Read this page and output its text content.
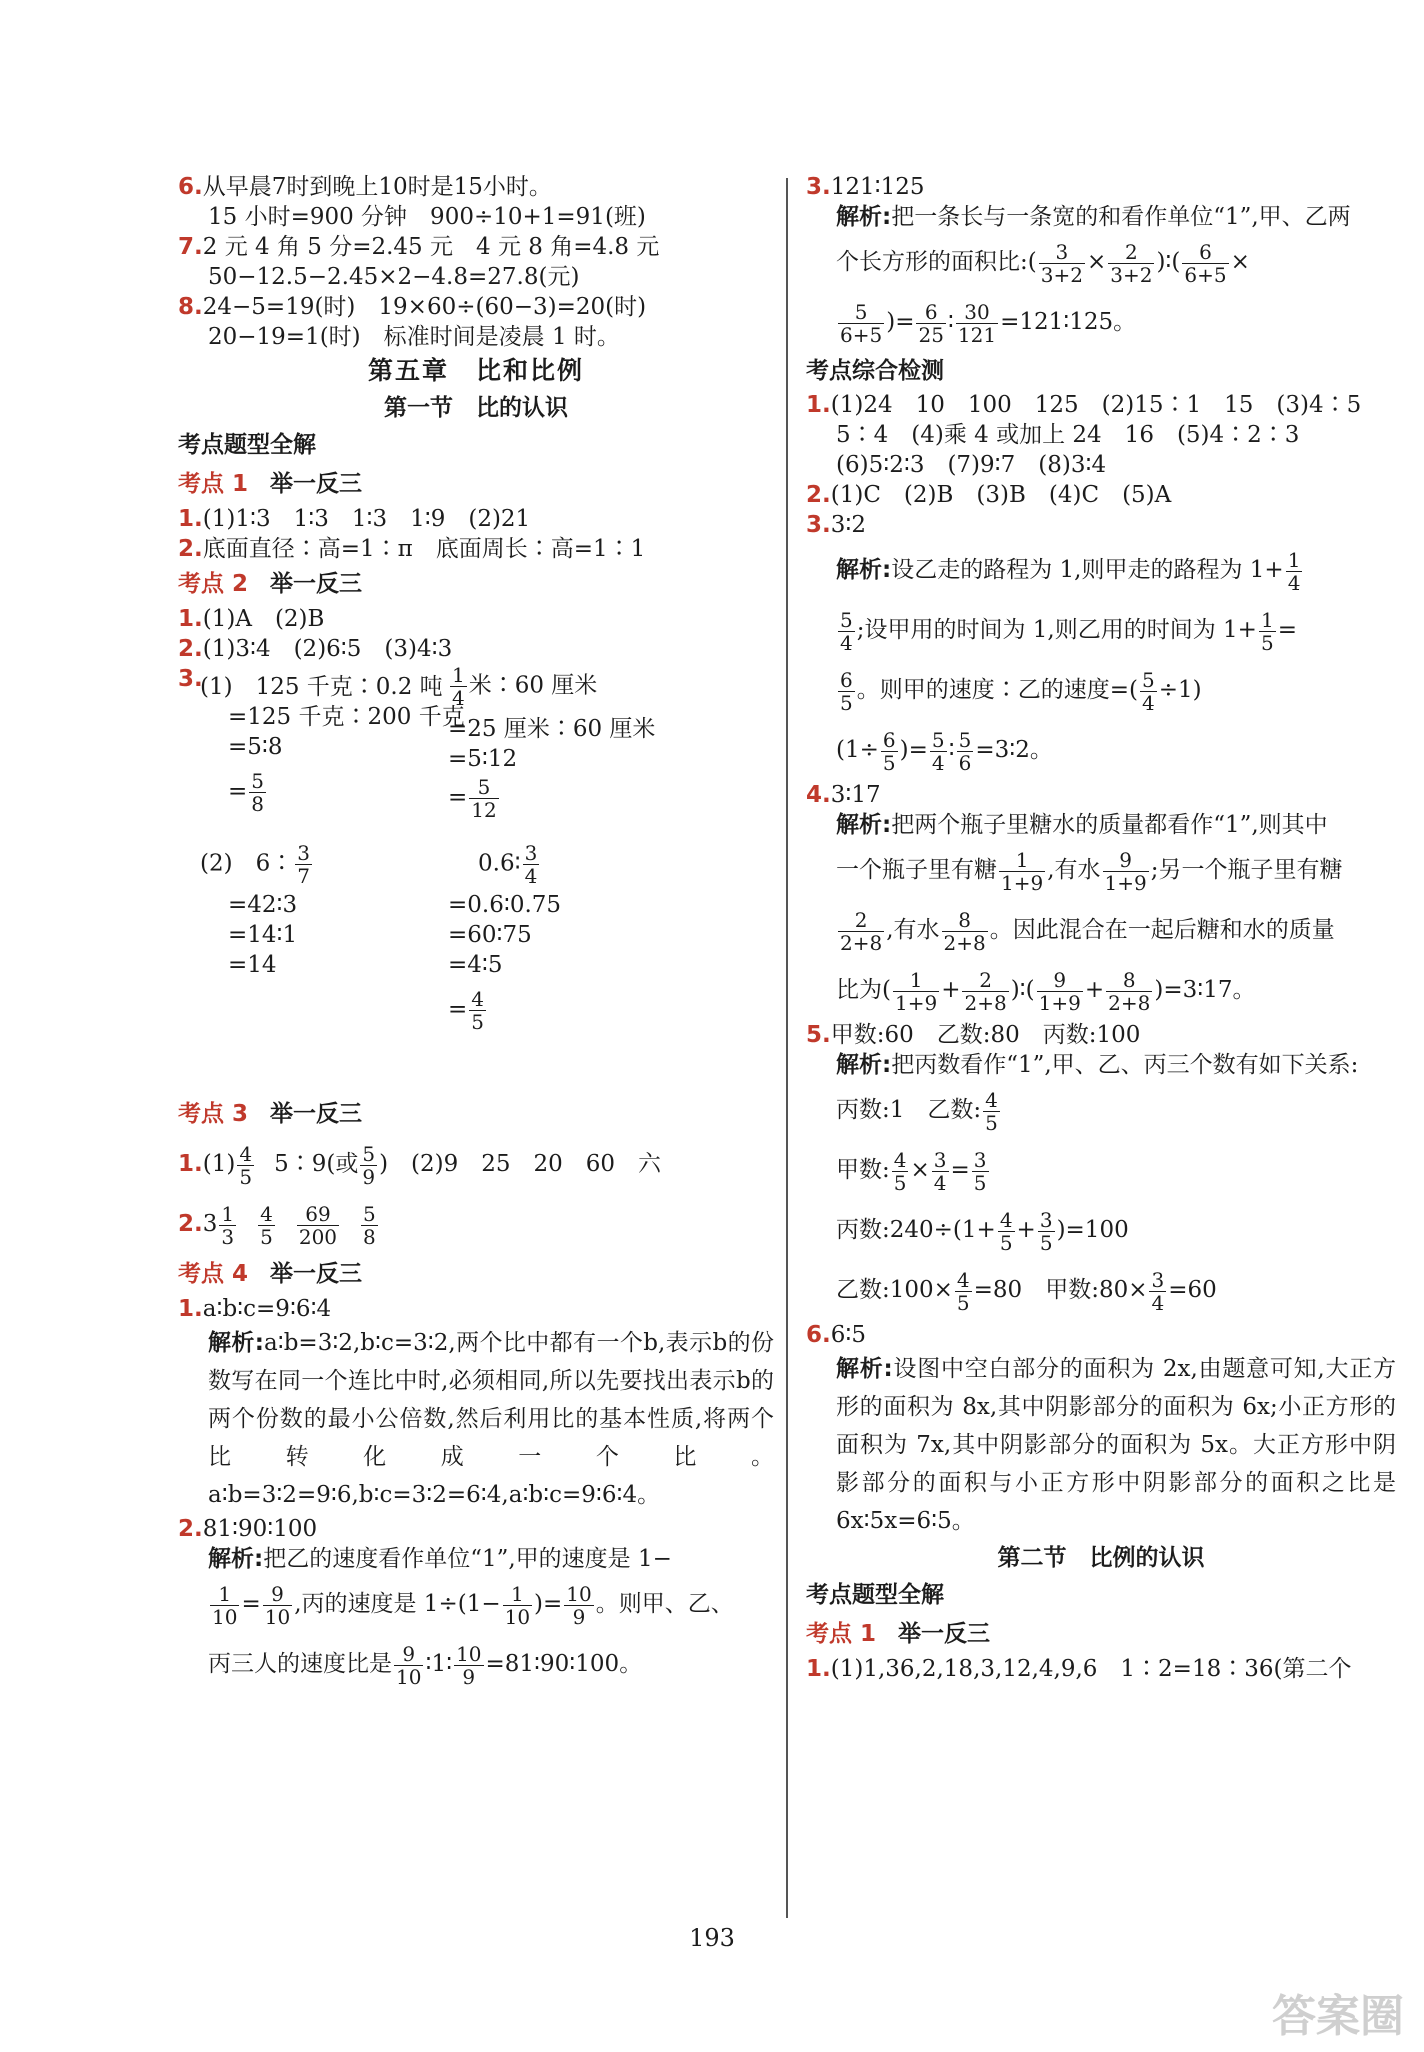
6.从早晨7时到晚上10时是15小时。
15 小时=900 分钟　900÷10+1=91(班)
7.2 元 4 角 5 分=2.45 元　4 元 8 角=4.8 元
50−12.5−2.45×2−4.8=27.8(元)
8.24−5=19(时)　19×60÷(60−3)=20(时)
20−19=1(时)　标准时间是凌晨 1 时。
第五章　比和比例
第一节　比的认识
考点题型全解
考点 1 举一反三
1.(1)1∶3　1∶3　1∶3　1∶9　(2)21
2.底面直径∶高=1∶π　底面周长∶高=1∶1
考点 2 举一反三
1.(1)A　(2)B
2.(1)3∶4　(2)6∶5　(3)4∶3
3.
(1)　125 千克∶0.2 吨
=125 千克∶200 千克
=5∶8
= $\frac{5}{8}$
$\frac{1}{4}$ 米∶60 厘米
=25 厘米∶60 厘米
=5∶12
= $\frac{5}{12}$
(2)　6∶ $\frac{3}{7}$
=42∶3
=14∶1
=14
0.6∶ $\frac{3}{4}$
=0.6∶0.75
=60∶75
=4∶5
= $\frac{4}{5}$
考点 3 举一反三
$1.(1) \frac{4}{5}$ 5∶9(或 $\frac{5}{9}$ )　(2)9　25　20　60　六
$2.3 \frac{1}{3} \frac{4}{5} \frac{69}{200} \frac{5}{8}$
考点 4 举一反三
1.a∶b∶c=9∶6∶4
解析:a∶b=3∶2,b∶c=3∶2,两个比中都有一个b,表示b的份数写在同一个连比中时,必须相同,所以先要找出表示b的两个份数的最小公倍数,然后利用比的基本性质,将两个比转化成一个比。a∶b=3∶2=9∶6,b∶c=3∶2=6∶4,a∶b∶c=9∶6∶4。
2.81∶90∶100
解析:把乙的速度看作单位“1”,甲的速度是 1−
$\frac{1}{10} = \frac{9}{10}$ ,丙的速度是 $1\div(1- \frac{1}{10}$ )= $\frac{10}{9}$ 。则甲、乙、
丙三人的速度比是 $\frac{9}{10}$ ∶1∶ $\frac{10}{9}$ =81∶90∶100。
3.121∶125
解析:把一条长与一条宽的和看作单位“1”,甲、乙两
个长方形的面积比:( $\frac{3}{3+2} \times \frac{2}{3+2}$ )∶( $\frac{6}{6+5}$ ×
$\frac{5}{6+5}$ )= $\frac{6}{25}$ ∶ $\frac{30}{121}$ =121∶125。
考点综合检测
1.(1)24　10　100　125　(2)15∶1　15　(3)4∶5
5∶4　(4)乘 4 或加上 24　16　(5)4∶2∶3
(6)5∶2∶3　(7)9∶7　(8)3∶4
2.(1)C　(2)B　(3)B　(4)C　(5)A
3.3∶2
解析:设乙走的路程为 1,则甲走的路程为 $1+ \frac{1}{4}$
$\frac{5}{4}$ ;设甲用的时间为 1,则乙用的时间为 $1+ \frac{1}{5}$ =
$\frac{6}{5}$ 。则甲的速度∶乙的速度=( $\frac{5}{4} \div 1$)
($1\div \frac{6}{5}$ )= $\frac{5}{4}$ ∶ $\frac{5}{6}$ =3∶2。
4.3∶17
解析:把两个瓶子里糖水的质量都看作“1”,则其中
一个瓶子里有糖 $\frac{1}{1+9}$ ,有水 $\frac{9}{1+9}$ ;另一个瓶子里有糖
$\frac{2}{2+8}$ ,有水 $\frac{8}{2+8}$ 。因此混合在一起后糖和水的质量
比为( $\frac{1}{1+9} + \frac{2}{2+8}$ )∶( $\frac{9}{1+9} + \frac{8}{2+8}$ )=3∶17。
5.甲数:60　乙数:80　丙数:100
解析:把丙数看作“1”,甲、乙、丙三个数有如下关系:
丙数:1　乙数: $\frac{4}{5}$
甲数: $\frac{4}{5} \times \frac{3}{4} = \frac{3}{5}$
丙数:240÷(1+ $\frac{4}{5} + \frac{3}{5} )=100$
乙数:100× $\frac{4}{5} =80$　甲数:80× $\frac{3}{4} =60$
6.6∶5
解析:设图中空白部分的面积为 2x,由题意可知,大正方形的面积为 8x,其中阴影部分的面积为 6x;小正方形的面积为 7x,其中阴影部分的面积为 5x。大正方形中阴影部分的面积与小正方形中阴影部分的面积之比是 6x∶5x=6∶5。
第二节　比例的认识
考点题型全解
考点 1 举一反三
1.(1)1,36,2,18,3,12,4,9,6　1∶2=18∶36(第二个
193
答案圈
